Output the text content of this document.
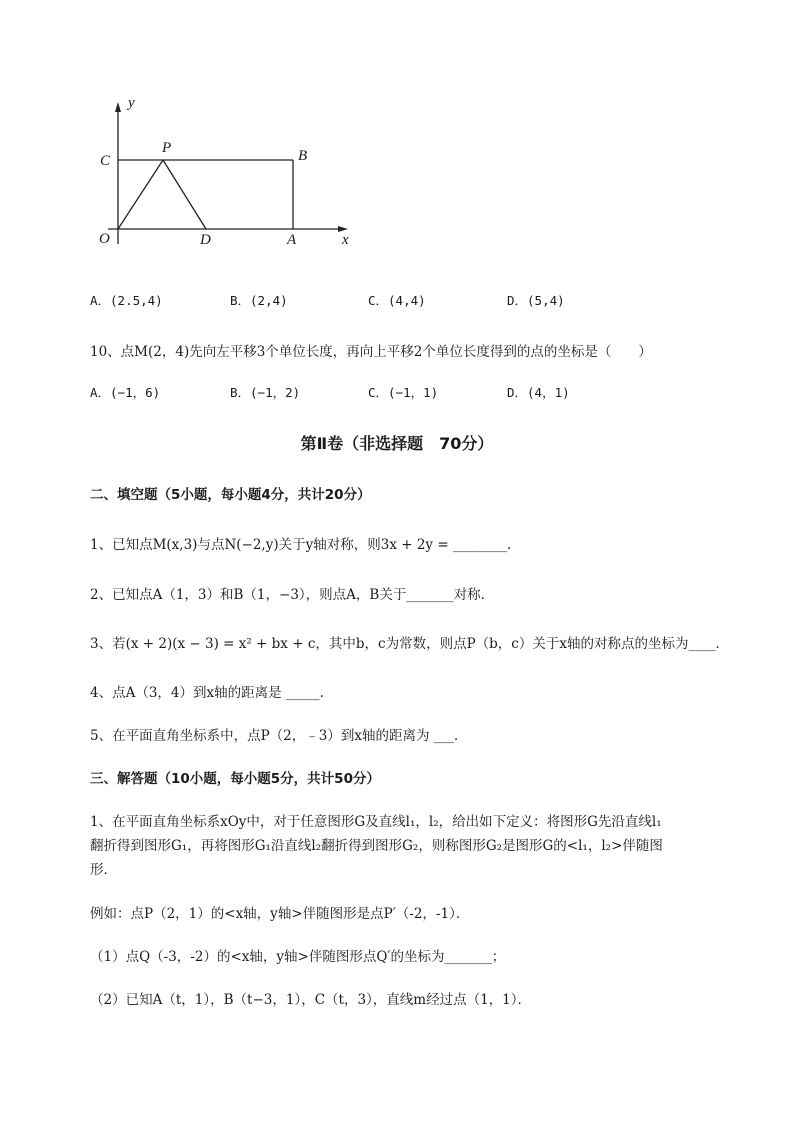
y
x
C
P	B
O	D	A
A．(2.5,4)	B．(2,4)	C．(4,4)	D．(5,4)
10、点M(2，4)先向左平移3个单位长度，再向上平移2个单位长度得到的点的坐标是（　　）
A．(−1，6)	B．(−1，2)	C．(−1，1)	D．(4，1)
第Ⅱ卷（非选择题　70分）
二、填空题（5小题，每小题4分，共计20分）
1、已知点M(x,3)与点N(−2,y)关于y轴对称，则3x + 2y = ________.
2、已知点A（1，3）和B（1，−3），则点A，B关于_______对称．
3、若(x + 2)(x − 3) = x² + bx + c，其中b，c为常数，则点P（b，c）关于x轴的对称点的坐标为____．
4、点A（3，4）到x轴的距离是 _____.
5、在平面直角坐标系中，点P（2，﹣3）到x轴的距离为 ___．
三、解答题（10小题，每小题5分，共计50分）
1、在平面直角坐标系xOy中，对于任意图形G及直线l₁，l₂，给出如下定义：将图形G先沿直线l₁
翻折得到图形G₁，再将图形G₁沿直线l₂翻折得到图形G₂，则称图形G₂是图形G的<l₁，l₂>伴随图
形．
例如：点P（2，1）的<x轴，y轴>伴随图形是点P′（-2，-1）．
（1）点Q（-3，-2）的<x轴，y轴>伴随图形点Q′的坐标为_______；
（2）已知A（t，1），B（t−3，1），C（t，3），直线m经过点（1，1）．
